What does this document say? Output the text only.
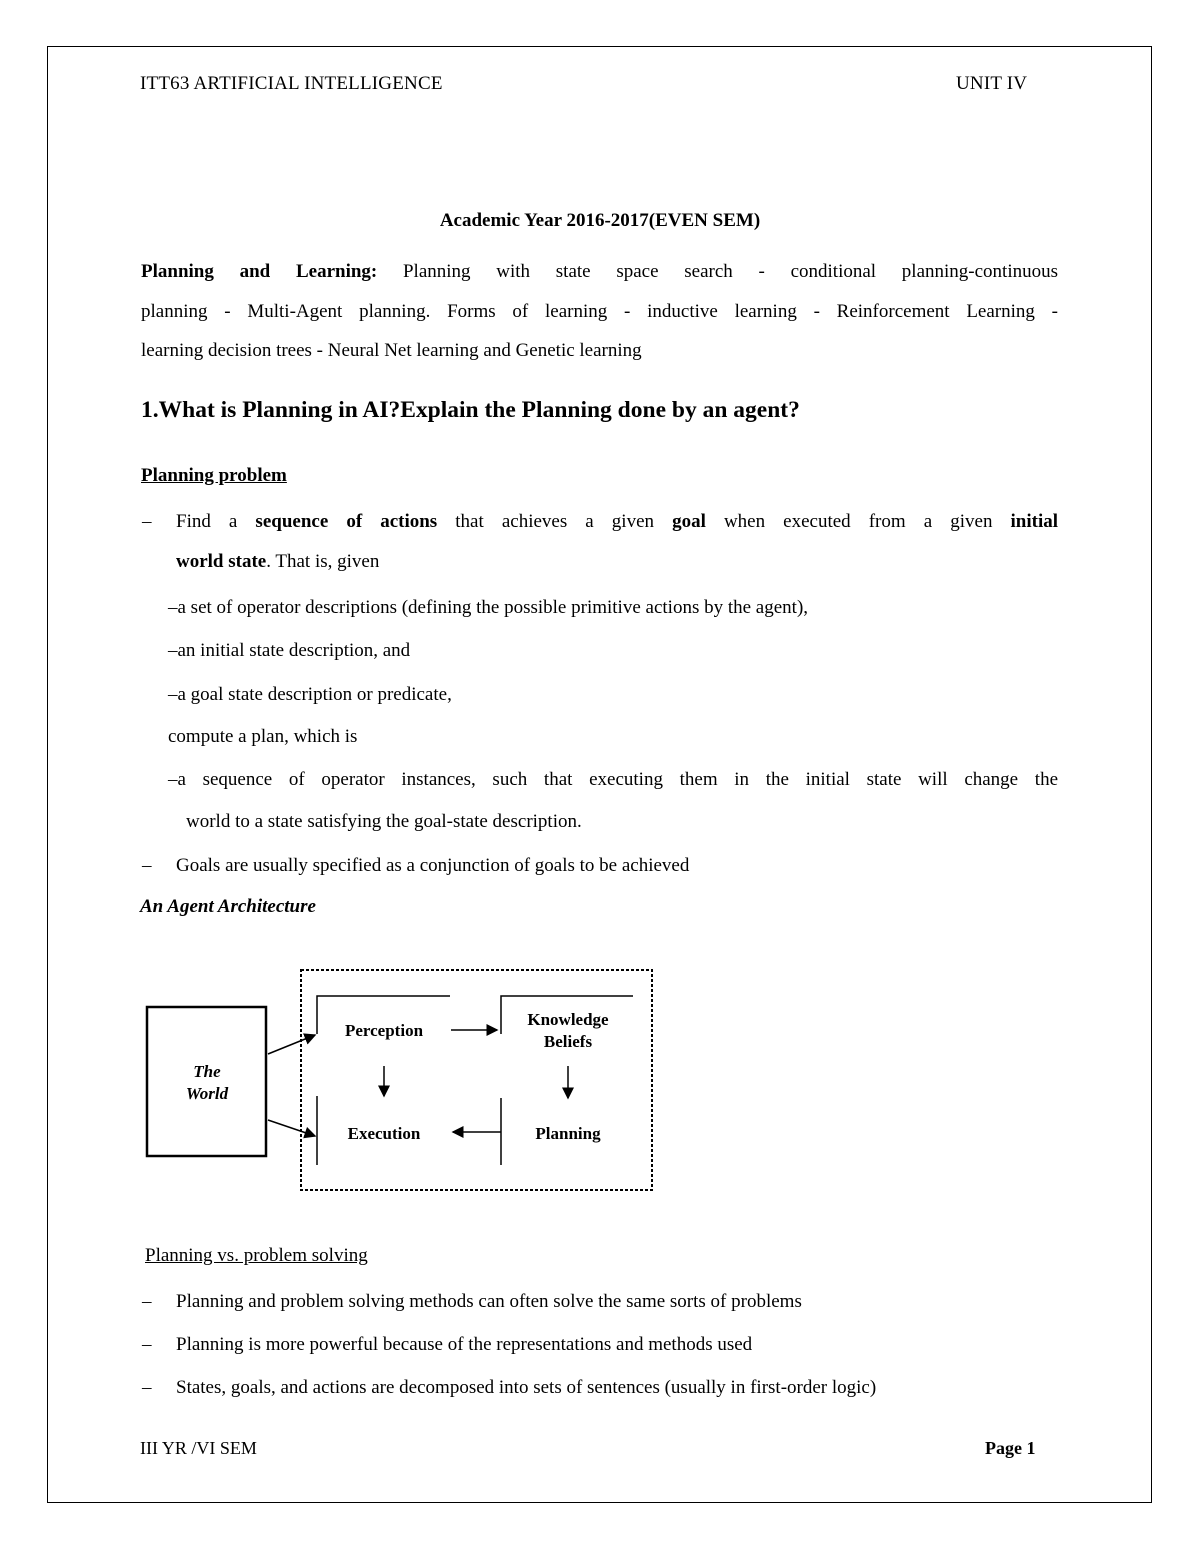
ITT63 ARTIFICIAL INTELLIGENCE	UNIT IV
Academic Year 2016-2017(EVEN SEM)
Planning and Learning: Planning with state space search - conditional planning-continuous
planning - Multi-Agent planning. Forms of learning - inductive learning - Reinforcement Learning -
learning decision trees - Neural Net learning and Genetic learning
1.What is Planning in AI?Explain the Planning done by an agent?
Planning problem
– Find a sequence of actions that achieves a given goal when executed from a given initial
world state. That is, given
–a set of operator descriptions (defining the possible primitive actions by the agent),
–an initial state description, and
–a goal state description or predicate,
compute a plan, which is
–a sequence of operator instances, such that executing them in the initial state will change the
world to a state satisfying the goal-state description.
– Goals are usually specified as a conjunction of goals to be achieved
An Agent Architecture
The
World
Perception
Knowledge
Beliefs
Execution	Planning
Planning vs. problem solving
– Planning and problem solving methods can often solve the same sorts of problems
– Planning is more powerful because of the representations and methods used
– States, goals, and actions are decomposed into sets of sentences (usually in first-order logic)
III YR /VI SEM	Page 1
